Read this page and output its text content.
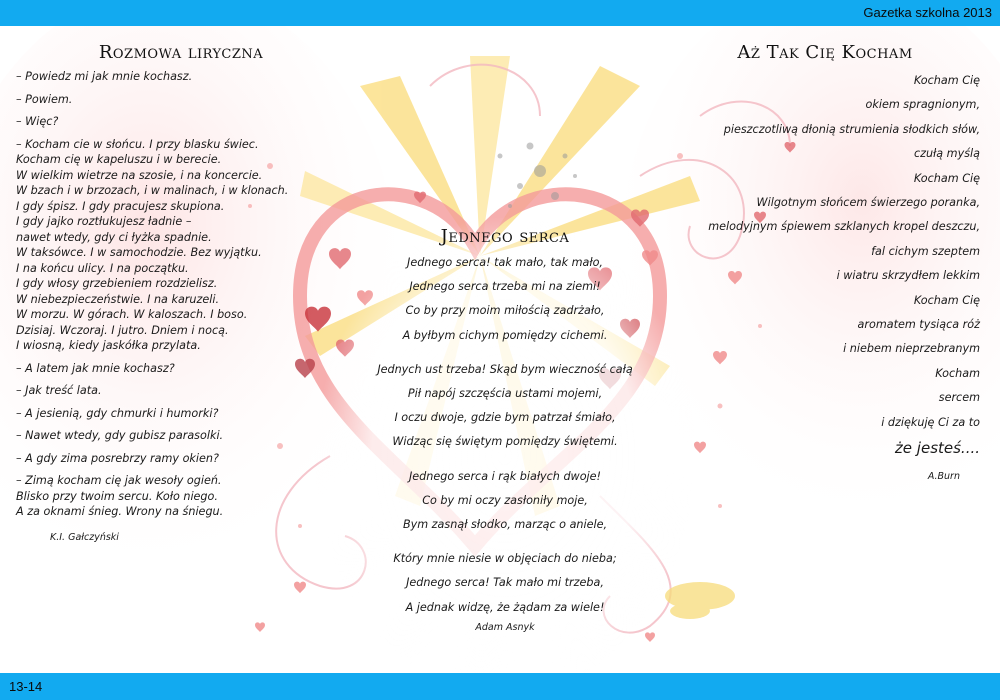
Gazetka szkolna 2013
Rozmowa liryczna

– Powiedz mi jak mnie kochasz.

– Powiem.

– Więc?

– Kocham cie w słońcu. I przy blasku świec.

Kocham cię w kapeluszu i w berecie.

W wielkim wietrze na szosie, i na koncercie.

W bzach i w brzozach, i w malinach, i w klonach.

I gdy śpisz. I gdy pracujesz skupiona.

I gdy jajko roztłukujesz ładnie –

nawet wtedy, gdy ci łyżka spadnie.

W taksówce. I w samochodzie. Bez wyjątku.

I na końcu ulicy. I na początku.

I gdy włosy grzebieniem rozdzielisz.

W niebezpieczeństwie. I na karuzeli.

W morzu. W górach. W kaloszach. I boso.

Dzisiaj. Wczoraj. I jutro. Dniem i nocą.

I wiosną, kiedy jaskółka przylata.

– A latem jak mnie kochasz?

– Jak treść lata.

– A jesienią, gdy chmurki i humorki?

– Nawet wtedy, gdy gubisz parasolki.

– A gdy zima posrebrzy ramy okien?

– Zimą kocham cię jak wesoły ogień.

Blisko przy twoim sercu. Koło niego.

A za oknami śnieg. Wrony na śniegu.

K.I. Gałczyński

Jednego serca

Jednego serca! tak mało, tak mało,

Jednego serca trzeba mi na ziemi!

Co by przy moim miłością zadrżało,

A byłbym cichym pomiędzy cichemi.

Jednych ust trzeba! Skąd bym wieczność całą

Pił napój szczęścia ustami mojemi,

I oczu dwoje, gdzie bym patrzał śmiało,

Widząc się świętym pomiędzy świętemi.

Jednego serca i rąk białych dwoje!

Co by mi oczy zasłoniły moje,

Bym zasnął słodko, marząc o aniele,

Który mnie niesie w objęciach do nieba;

Jednego serca! Tak mało mi trzeba,

A jednak widzę, że żądam za wiele!

Adam Asnyk

Aż Tak Cię Kocham

Kocham Cię

okiem spragnionym,

pieszczotliwą dłonią strumienia słodkich słów,

czułą myślą

Kocham Cię

Wilgotnym słońcem świerzego poranka,

melodyjnym śpiewem szklanych kropel deszczu,

fal cichym szeptem

i wiatru skrzydłem lekkim

Kocham Cię

aromatem tysiąca róż

i niebem nieprzebranym

Kocham

sercem

i dziękuję Ci za to

że jesteś....

A.Burn

13-14
